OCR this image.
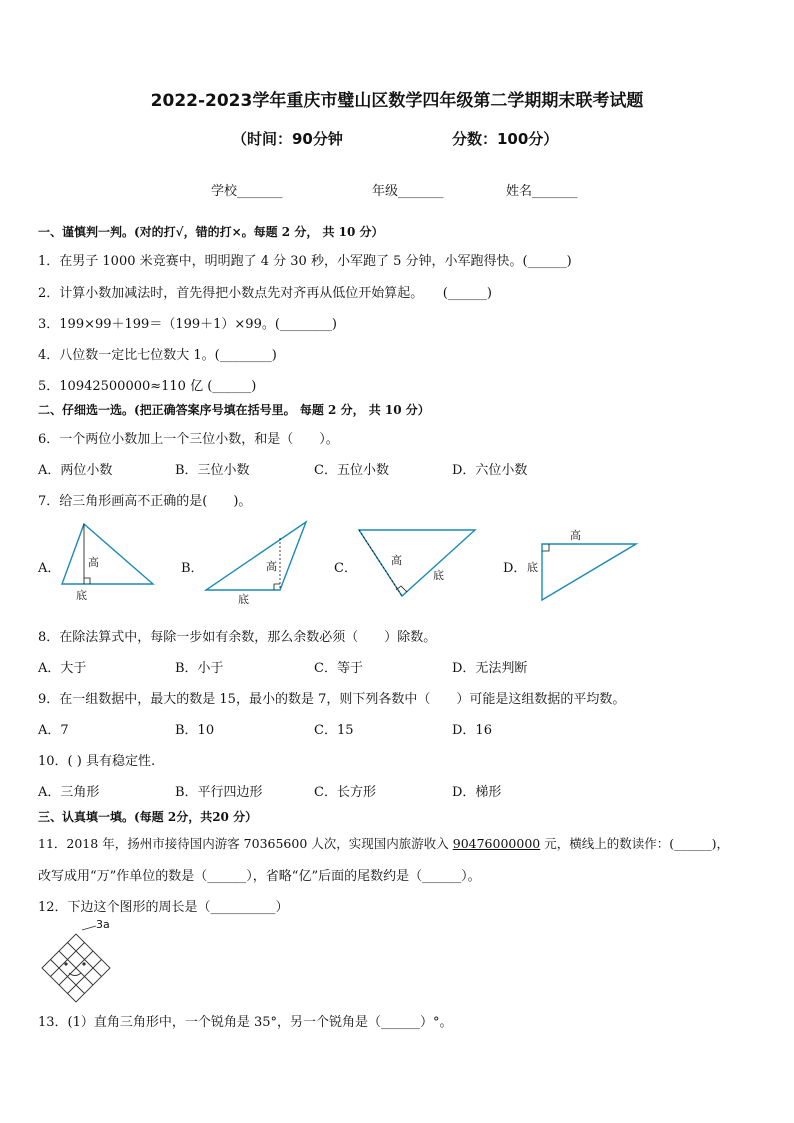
2022-2023学年重庆市璧山区数学四年级第二学期期末联考试题
（时间：90分钟	分数：100分）
学校_______	年级_______	姓名_______
一、谨慎判一判。(对的打√，错的打×。每题 2 分， 共 10 分）
1．在男子 1000 米竞赛中，明明跑了 4 分 30 秒，小军跑了 5 分钟，小军跑得快。(______)
2．计算小数加减法时，首先得把小数点先对齐再从低位开始算起。　　(______)
3．199×99＋199＝（199＋1）×99。(________)
4．八位数一定比七位数大 1。(________)
5．10942500000≈110 亿 (______)
二、仔细选一选。(把正确答案序号填在括号里。 每题 2 分， 共 10 分）
6．一个两位小数加上一个三位小数，和是（　　）。
A．两位小数	B．三位小数	C．五位小数	D．六位小数
7．给三角形画高不正确的是(　　)。
A．	高
底
B．	高
底
C．
高
底	D．
高
底
8．在除法算式中，每除一步如有余数，那么余数必须（　　）除数。
A．大于	B．小于	C．等于	D．无法判断
9．在一组数据中，最大的数是 15，最小的数是 7，则下列各数中（　　）可能是这组数据的平均数。
A．7	B．10	C．15	D．16
10．( ) 具有稳定性.
A．三角形	B．平行四边形	C．长方形	D．梯形
三、认真填一填。(每题 2分，共20 分）
11．2018 年，扬州市接待国内游客 70365600 人次，实现国内旅游收入 90476000000 元，横线上的数读作：(______)，
改写成用“万”作单位的数是（______），省略“亿”后面的尾数约是（______）。
12．下边这个图形的周长是（__________）
3a
13．(1）直角三角形中，一个锐角是 35°，另一个锐角是（______）°。
